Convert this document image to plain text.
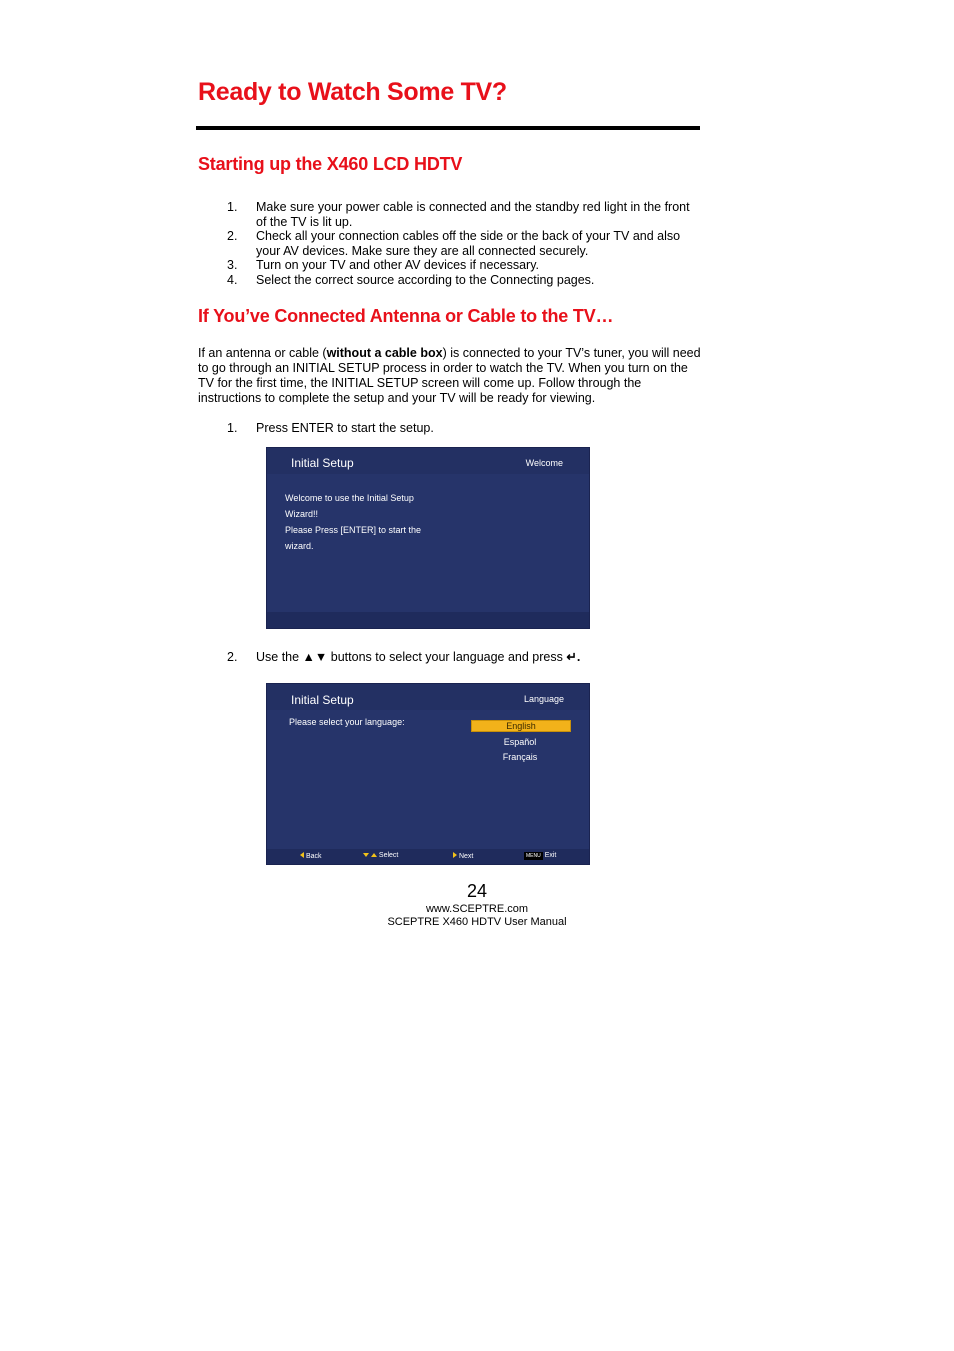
Ready to Watch Some TV?
Starting up the X460 LCD HDTV
1.	Make sure your power cable is connected and the standby red light in the front of the TV is lit up.
2.	Check all your connection cables off the side or the back of your TV and also your AV devices. Make sure they are all connected securely.
3.	Turn on your TV and other AV devices if necessary.
4.	Select the correct source according to the Connecting pages.
If You’ve Connected Antenna or Cable to the TV…
If an antenna or cable (without a cable box) is connected to your TV’s tuner, you will need to go through an INITIAL SETUP process in order to watch the TV. When you turn on the TV for the first time, the INITIAL SETUP screen will come up. Follow through the instructions to complete the setup and your TV will be ready for viewing.
1.	Press ENTER to start the setup.
Initial Setup	Welcome
Welcome to use the Initial Setup
Wizard!!
Please Press [ENTER] to start the
wizard.
2.	Use the ▲▼ buttons to select your language and press ↵.
Initial Setup	Language
Please select your language:	English
Español
Français
Back	Select	Next	MENU Exit
24
www.SCEPTRE.com
SCEPTRE X460 HDTV User Manual
